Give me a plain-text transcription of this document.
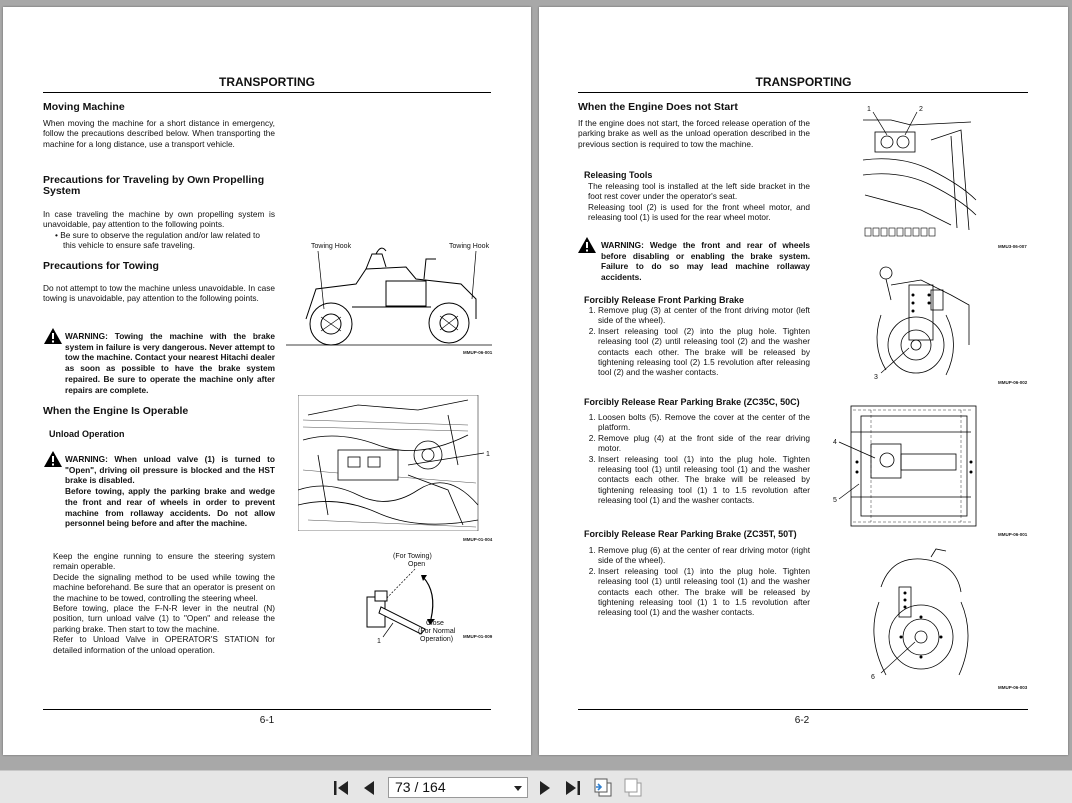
TRANSPORTING
Moving Machine
When moving the machine for a short distance in emergency, follow the precautions described below. When transporting the machine for a long distance, use a transport vehicle.
Precautions for Traveling by Own Propelling System
In case traveling the machine by own propelling system is unavoidable, pay attention to the following points.
• Be sure to observe the regulation and/or law related to this vehicle to ensure safe traveling.
Precautions for Towing
Do not attempt to tow the machine unless unavoidable. In case towing is unavoidable, pay attention to the following points.
WARNING: Towing the machine with the brake system in failure is very dangerous. Never attempt to tow the machine. Contact your nearest Hitachi dealer as soon as possible to have the brake system repaired. Be sure to operate the machine only after repairs are complete.
When the Engine Is Operable
Unload Operation
WARNING: When unload valve (1) is turned to "Open", driving oil pressure is blocked and the HST brake is disabled.
Before towing, apply the parking brake and wedge the front and rear of wheels in order to prevent machine from rollaway accidents. Do not allow personnel being before and after the machine.
Keep the engine running to ensure the steering system remain operable.
Decide the signaling method to be used while towing the machine beforehand. Be sure that an operator is present on the machine to be towed, controlling the steering wheel.
Before towing, place the F-N-R lever in the neutral (N) position, turn unload valve (1) to "Open" and release the parking brake. Then start to tow the machine.
Refer to Unload Valve in OPERATOR'S STATION for detailed information of the unload operation.
Towing Hook	Towing Hook
MMUP-06-001
1
MMUP-01-004
(For Towing)
Open
Close
(For Normal
Operation)
1
MMUP-01-009
6-1
TRANSPORTING
When the Engine Does not Start
If the engine does not start, the forced release operation of the parking brake as well as the unload operation described in the previous section is required to tow the machine.
Releasing Tools
The releasing tool is installed at the left side bracket in the foot rest cover under the operator's seat.
Releasing tool (2) is used for the front wheel motor, and releasing tool (1) is used for the rear wheel motor.
WARNING: Wedge the front and rear of wheels before disabling or enabling the brake system. Failure to do so may lead machine rollaway accidents.
Forcibly Release Front Parking Brake
1. Remove plug (3) at center of the front driving motor (left side of the wheel).
2. Insert releasing tool (2) into the plug hole. Tighten releasing tool (2) until releasing tool (2) and the washer contacts each other. The brake will be released by tightening releasing tool (2) 1.5 revolution after releasing tool (2) and the washer contacts.
Forcibly Release Rear Parking Brake (ZC35C, 50C)
1. Loosen bolts (5). Remove the cover at the center of the platform.
2. Remove plug (4) at the front side of the rear driving motor.
3. Insert releasing tool (1) into the plug hole. Tighten releasing tool (1) until releasing tool (1) and the washer contacts each other. The brake will be released by tightening releasing tool (1) 1 to 1.5 revolution after releasing tool (1) and the washer contacts.
Forcibly Release Rear Parking Brake (ZC35T, 50T)
1. Remove plug (6) at the center of rear driving motor (right side of the wheel).
2. Insert releasing tool (1) into the plug hole. Tighten releasing tool (1) until releasing tool (1) and the washer contacts each other. The brake will be released by tightening releasing tool (1) 1 to 1.5 revolution after releasing tool (1) and the washer contacts.
1	2
MMU3-06-007
3
MMUP-06-002
4
5
MMUP-06-001
6
MMUP-06-003
6-2
73 / 164
